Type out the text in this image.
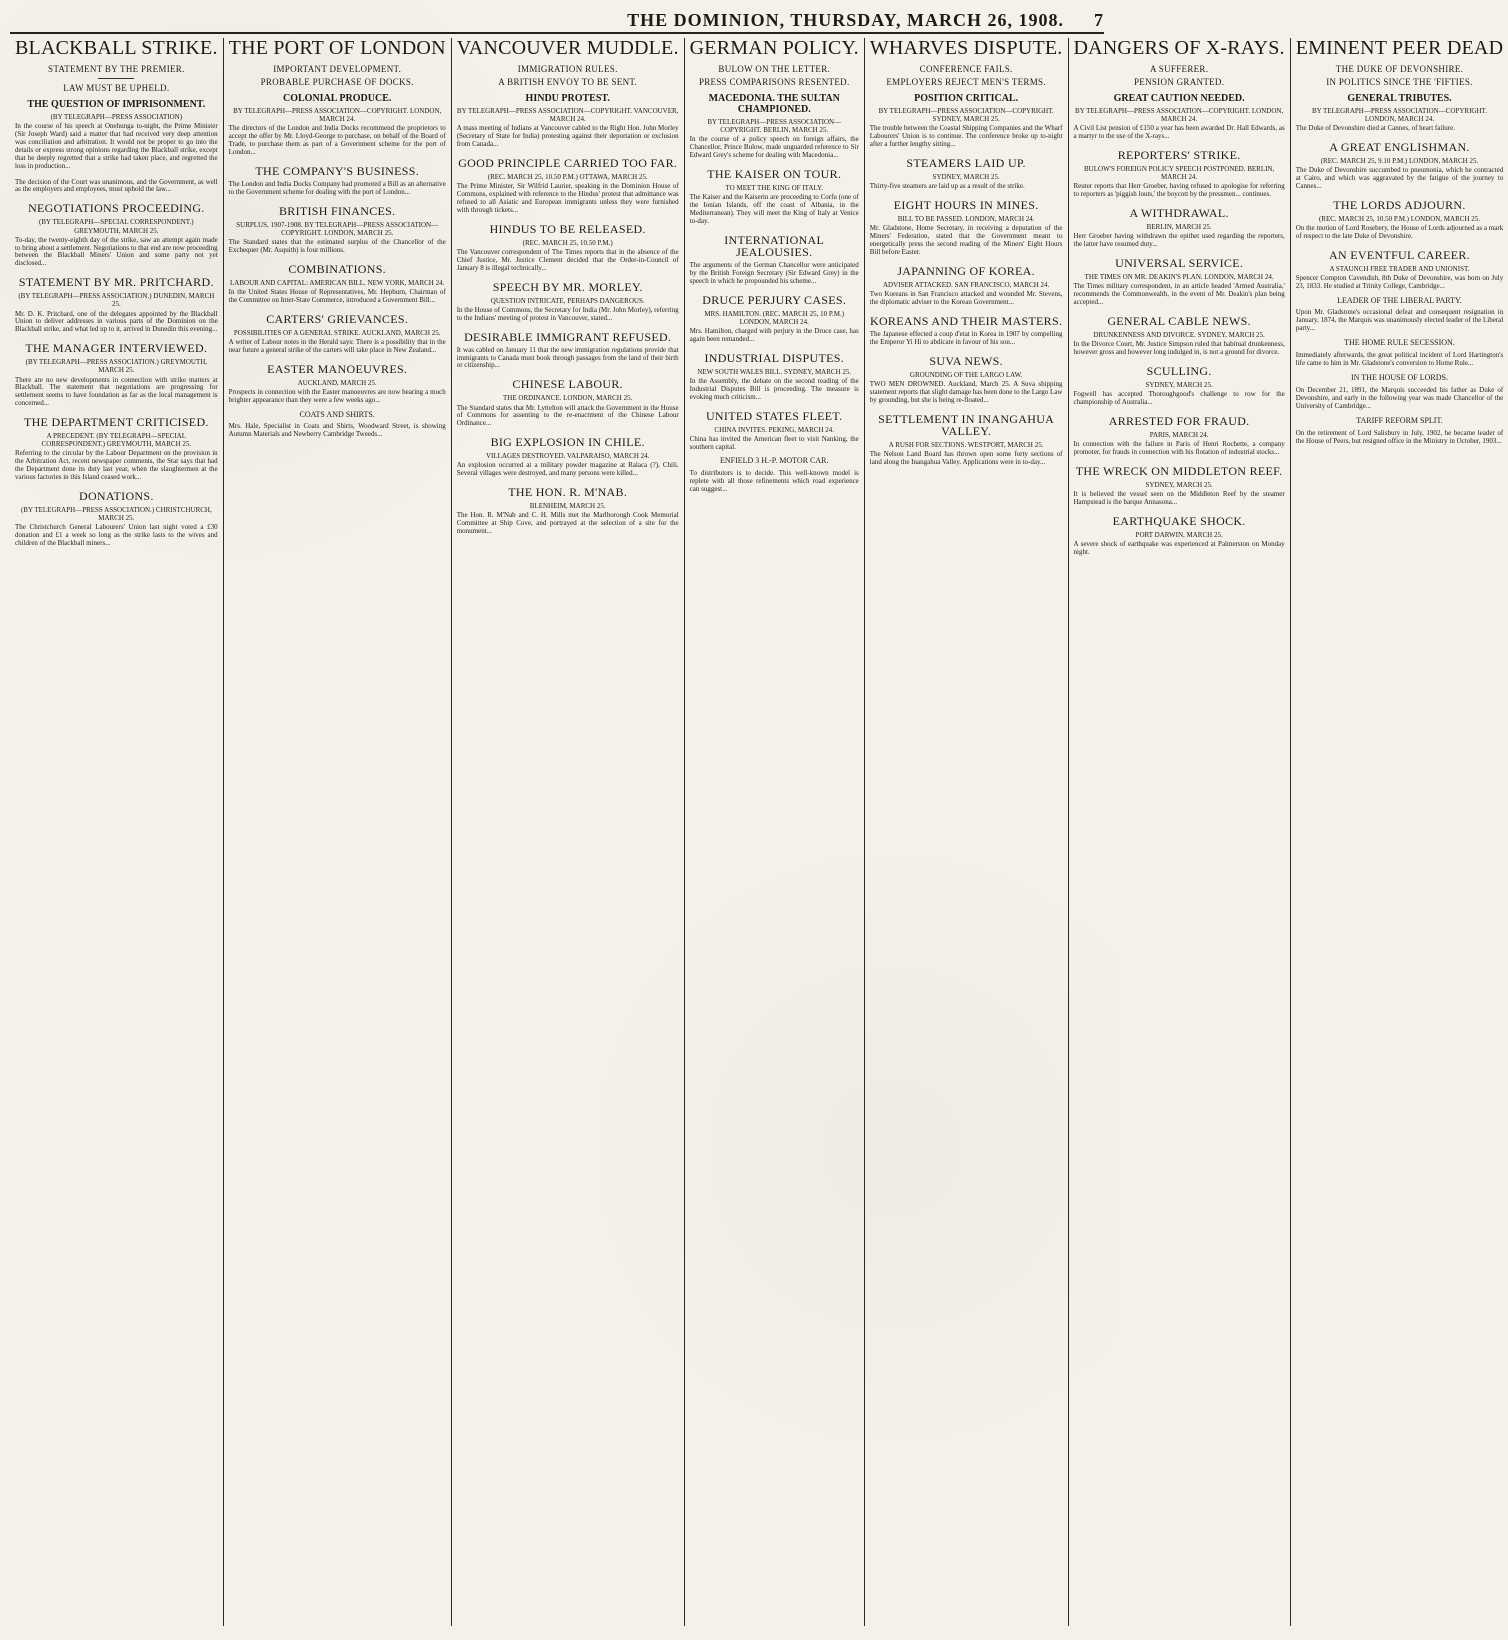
THE DOMINION, THURSDAY, MARCH 26, 1908. 7
BLACKBALL STRIKE.
STATEMENT BY THE PREMIER.
LAW MUST BE UPHELD.
THE QUESTION OF IMPRISONMENT.
(BY TELEGRAPH—PRESS ASSOCIATION)

In the course of his speech at Onehunga to-night, the Prime Minister (Sir Joseph Ward) said a matter that had received very deep attention was conciliation and arbitration. It would not be proper to go into the details or express strong opinions regarding the Blackball strike, except that he deeply regretted that a strike had taken place, and regretted the loss in production...

The decision of the Court was unanimous, and the Government, as well as the employers and employees, must uphold the law...

NEGOTIATIONS PROCEEDING.
(BY TELEGRAPH—SPECIAL CORRESPONDENT.) GREYMOUTH, MARCH 25.

To-day, the twenty-eighth day of the strike, saw an attempt again made to bring about a settlement. Negotiations to that end are now proceeding between the Blackball Miners' Union and some party not yet disclosed...

STATEMENT BY MR. PRITCHARD.
(BY TELEGRAPH—PRESS ASSOCIATION.) DUNEDIN, MARCH 25.

Mr. D. K. Pritchard, one of the delegates appointed by the Blackball Union to deliver addresses in various parts of the Dominion on the Blackball strike, and what led up to it, arrived in Dunedin this evening...

THE MANAGER INTERVIEWED.
(BY TELEGRAPH—PRESS ASSOCIATION.) GREYMOUTH, MARCH 25.

There are no new developments in connection with strike matters at Blackball. The statement that negotiations are progressing for settlement seems to have foundation as far as the local management is concerned...

THE DEPARTMENT CRITICISED.
A PRECEDENT. (BY TELEGRAPH—SPECIAL CORRESPONDENT.) GREYMOUTH, MARCH 25.

Referring to the circular by the Labour Department on the provision in the Arbitration Act, recent newspaper comments, the Star says that had the Department done its duty last year, when the slaughtermen at the various factories in this Island ceased work...

DONATIONS.
(BY TELEGRAPH—PRESS ASSOCIATION.) CHRISTCHURCH, MARCH 25.

The Christchurch General Labourers' Union last night voted a £30 donation and £1 a week so long as the strike lasts to the wives and children of the Blackball miners...

THE PORT OF LONDON
IMPORTANT DEVELOPMENT.
PROBABLE PURCHASE OF DOCKS.
COLONIAL PRODUCE.
BY TELEGRAPH—PRESS ASSOCIATION—COPYRIGHT. LONDON, MARCH 24.

The directors of the London and India Docks recommend the proprietors to accept the offer by Mr. Lloyd-George to purchase, on behalf of the Board of Trade, to purchase them as part of a Government scheme for the port of London...

THE COMPANY'S BUSINESS.

The London and India Docks Company had promoted a Bill as an alternative to the Government scheme for dealing with the port of London...

BRITISH FINANCES.
SURPLUS, 1907-1908. BY TELEGRAPH—PRESS ASSOCIATION—COPYRIGHT. LONDON, MARCH 25.

The Standard states that the estimated surplus of the Chancellor of the Exchequer (Mr. Asquith) is four millions.

COMBINATIONS.
LABOUR AND CAPITAL: AMERICAN BILL. NEW YORK, MARCH 24.

In the United States House of Representatives, Mr. Hepburn, Chairman of the Committee on Inter-State Commerce, introduced a Government Bill...

CARTERS' GRIEVANCES.
POSSIBILITIES OF A GENERAL STRIKE. AUCKLAND, MARCH 25.

A writer of Labour notes in the Herald says: There is a possibility that in the near future a general strike of the carters will take place in New Zealand...

EASTER MANOEUVRES.
AUCKLAND, MARCH 25.

Prospects in connection with the Easter manoeuvres are now bearing a much brighter appearance than they were a few weeks ago...

COATS AND SHIRTS.

Mrs. Hale, Specialist in Coats and Shirts, Woodward Street, is showing Autumn Materials and Newberry Cambridge Tweeds...

VANCOUVER MUDDLE.
IMMIGRATION RULES.
A BRITISH ENVOY TO BE SENT.
HINDU PROTEST.
BY TELEGRAPH—PRESS ASSOCIATION—COPYRIGHT. VANCOUVER, MARCH 24.

A mass meeting of Indians at Vancouver cabled to the Right Hon. John Morley (Secretary of State for India) protesting against their deportation or exclusion from Canada...

GOOD PRINCIPLE CARRIED TOO FAR.
(REC. MARCH 25, 10.50 P.M.) OTTAWA, MARCH 25.

The Prime Minister, Sir Wilfrid Laurier, speaking in the Dominion House of Commons, explained with reference to the Hindus' protest that admittance was refused to all Asiatic and European immigrants unless they were furnished with through tickets...

HINDUS TO BE RELEASED.
(REC. MARCH 25, 10.50 P.M.)

The Vancouver correspondent of The Times reports that in the absence of the Chief Justice, Mr. Justice Clement decided that the Order-in-Council of January 8 is illegal technically...

SPEECH BY MR. MORLEY.
QUESTION INTRICATE, PERHAPS DANGEROUS.

In the House of Commons, the Secretary for India (Mr. John Morley), referring to the Indians' meeting of protest in Vancouver, stated...

DESIRABLE IMMIGRANT REFUSED.

It was cabled on January 11 that the new immigration regulations provide that immigrants to Canada must book through passages from the land of their birth or citizenship...

CHINESE LABOUR.
THE ORDINANCE. LONDON, MARCH 25.

The Standard states that Mr. Lyttelton will attack the Government in the House of Commons for assenting to the re-enactment of the Chinese Labour Ordinance...

BIG EXPLOSION IN CHILE.
VILLAGES DESTROYED. VALPARAISO, MARCH 24.

An explosion occurred at a military powder magazine at Ralaca (?), Chili. Several villages were destroyed, and many persons were killed...

THE HON. R. M'NAB.
BLENHEIM, MARCH 25.

The Hon. R. M'Nab and C. H. Mills met the Marlborough Cook Memorial Committee at Ship Cove, and portrayed at the selection of a site for the monument...

GERMAN POLICY.
BULOW ON THE LETTER.
PRESS COMPARISONS RESENTED.
MACEDONIA. THE SULTAN CHAMPIONED.
BY TELEGRAPH—PRESS ASSOCIATION—COPYRIGHT. BERLIN, MARCH 25.

In the course of a policy speech on foreign affairs, the Chancellor, Prince Bulow, made unguarded reference to Sir Edward Grey's scheme for dealing with Macedonia...

THE KAISER ON TOUR.
TO MEET THE KING OF ITALY.

The Kaiser and the Kaiserin are proceeding to Corfu (one of the Ionian Islands, off the coast of Albania, in the Mediterranean). They will meet the King of Italy at Venice to-day.

INTERNATIONAL JEALOUSIES.

The arguments of the German Chancellor were anticipated by the British Foreign Secretary (Sir Edward Grey) in the speech in which he propounded his scheme...

DRUCE PERJURY CASES.
MRS. HAMILTON. (REC. MARCH 25, 10 P.M.) LONDON, MARCH 24.

Mrs. Hamilton, charged with perjury in the Druce case, has again been remanded...

INDUSTRIAL DISPUTES.
NEW SOUTH WALES BILL. SYDNEY, MARCH 25.

In the Assembly, the debate on the second reading of the Industrial Disputes Bill is proceeding. The measure is evoking much criticism...

UNITED STATES FLEET.
CHINA INVITES. PEKING, MARCH 24.

China has invited the American fleet to visit Nanking, the southern capital.

ENFIELD 3 H.-P. MOTOR CAR.

To distributors is to decide. This well-known model is replete with all those refinements which road experience can suggest...

WHARVES DISPUTE.
CONFERENCE FAILS.
EMPLOYERS REJECT MEN'S TERMS.
POSITION CRITICAL.
BY TELEGRAPH—PRESS ASSOCIATION—COPYRIGHT. SYDNEY, MARCH 25.

The trouble between the Coastal Shipping Companies and the Wharf Labourers' Union is to continue. The conference broke up to-night after a further lengthy sitting...

STEAMERS LAID UP.
SYDNEY, MARCH 25.

Thirty-five steamers are laid up as a result of the strike.

EIGHT HOURS IN MINES.
BILL TO BE PASSED. LONDON, MARCH 24.

Mr. Gladstone, Home Secretary, in receiving a deputation of the Miners' Federation, stated that the Government meant to energetically press the second reading of the Miners' Eight Hours Bill before Easter.

JAPANNING OF KOREA.
ADVISER ATTACKED. SAN FRANCISCO, MARCH 24.

Two Koreans in San Francisco attacked and wounded Mr. Stevens, the diplomatic adviser to the Korean Government...

KOREANS AND THEIR MASTERS.

The Japanese effected a coup d'etat in Korea in 1907 by compelling the Emperor Yi Hi to abdicate in favour of his son...

SUVA NEWS.
GROUNDING OF THE LARGO LAW.

TWO MEN DROWNED. Auckland, March 25. A Suva shipping statement reports that slight damage has been done to the Largo Law by grounding, but she is being re-floated...

SETTLEMENT IN INANGAHUA VALLEY.
A RUSH FOR SECTIONS. WESTPORT, MARCH 25.

The Nelson Land Board has thrown open some forty sections of land along the Inangahua Valley. Applications were in to-day...

DANGERS OF X-RAYS.
A SUFFERER.
PENSION GRANTED.
GREAT CAUTION NEEDED.
BY TELEGRAPH—PRESS ASSOCIATION—COPYRIGHT. LONDON, MARCH 24.

A Civil List pension of £150 a year has been awarded Dr. Hall Edwards, as a martyr to the use of the X-rays...

REPORTERS' STRIKE.
BULOW'S FOREIGN POLICY SPEECH POSTPONED. BERLIN, MARCH 24.

Reuter reports that Herr Groeber, having refused to apologise for referring to reporters as 'piggish louts,' the boycott by the pressmen... continues.

A WITHDRAWAL.
BERLIN, MARCH 25.

Herr Groeber having withdrawn the epithet used regarding the reporters, the latter have resumed duty...

UNIVERSAL SERVICE.
THE TIMES ON MR. DEAKIN'S PLAN. LONDON, MARCH 24.

The Times military correspondent, in an article headed 'Armed Australia,' recommends the Commonwealth, in the event of Mr. Deakin's plan being accepted...

GENERAL CABLE NEWS.
DRUNKENNESS AND DIVORCE. SYDNEY, MARCH 25.

In the Divorce Court, Mr. Justice Simpson ruled that habitual drunkenness, however gross and however long indulged in, is not a ground for divorce.

SCULLING.
SYDNEY, MARCH 25.

Fogwell has accepted Thoroughgood's challenge to row for the championship of Australia...

ARRESTED FOR FRAUD.
PARIS, MARCH 24.

In connection with the failure in Paris of Henri Rochette, a company promoter, for frauds in connection with his flotation of industrial stocks...

THE WRECK ON MIDDLETON REEF.
SYDNEY, MARCH 25.

It is believed the vessel seen on the Middleton Reef by the steamer Hampstead is the barque Annasona...

EARTHQUAKE SHOCK.
PORT DARWIN, MARCH 25.

A severe shock of earthquake was experienced at Palmerston on Monday night.

EMINENT PEER DEAD
THE DUKE OF DEVONSHIRE.
IN POLITICS SINCE THE 'FIFTIES.
GENERAL TRIBUTES.
BY TELEGRAPH—PRESS ASSOCIATION—COPYRIGHT. LONDON, MARCH 24.

The Duke of Devonshire died at Cannes, of heart failure.

A GREAT ENGLISHMAN.
(REC. MARCH 25, 9.10 P.M.) LONDON, MARCH 25.

The Duke of Devonshire succumbed to pneumonia, which he contracted at Cairo, and which was aggravated by the fatigue of the journey to Cannes...

THE LORDS ADJOURN.
(REC. MARCH 25, 10.50 P.M.) LONDON, MARCH 25.

On the motion of Lord Rosebery, the House of Lords adjourned as a mark of respect to the late Duke of Devonshire.

AN EVENTFUL CAREER.
A STAUNCH FREE TRADER AND UNIONIST.

Spencer Compton Cavendish, 8th Duke of Devonshire, was born on July 23, 1833. He studied at Trinity College, Cambridge...

LEADER OF THE LIBERAL PARTY.

Upon Mr. Gladstone's occasional defeat and consequent resignation in January, 1874, the Marquis was unanimously elected leader of the Liberal party...

THE HOME RULE SECESSION.

Immediately afterwards, the great political incident of Lord Hartington's life came to him in Mr. Gladstone's conversion to Home Rule...

IN THE HOUSE OF LORDS.

On December 21, 1891, the Marquis succeeded his father as Duke of Devonshire, and early in the following year was made Chancellor of the University of Cambridge...

TARIFF REFORM SPLIT.

On the retirement of Lord Salisbury in July, 1902, he became leader of the House of Peers, but resigned office in the Ministry in October, 1903...
